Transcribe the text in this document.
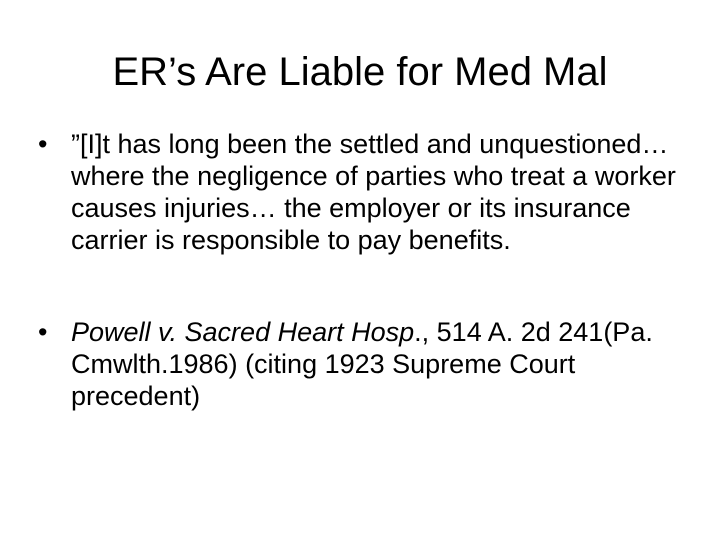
ER’s Are Liable for Med Mal
• ”[I]t has long been the settled and unquestioned… where the negligence of parties who treat a worker causes injuries… the employer or its insurance carrier is responsible to pay benefits.
• Powell v. Sacred Heart Hosp., 514 A. 2d 241(Pa. Cmwlth.1986) (citing 1923 Supreme Court precedent)
